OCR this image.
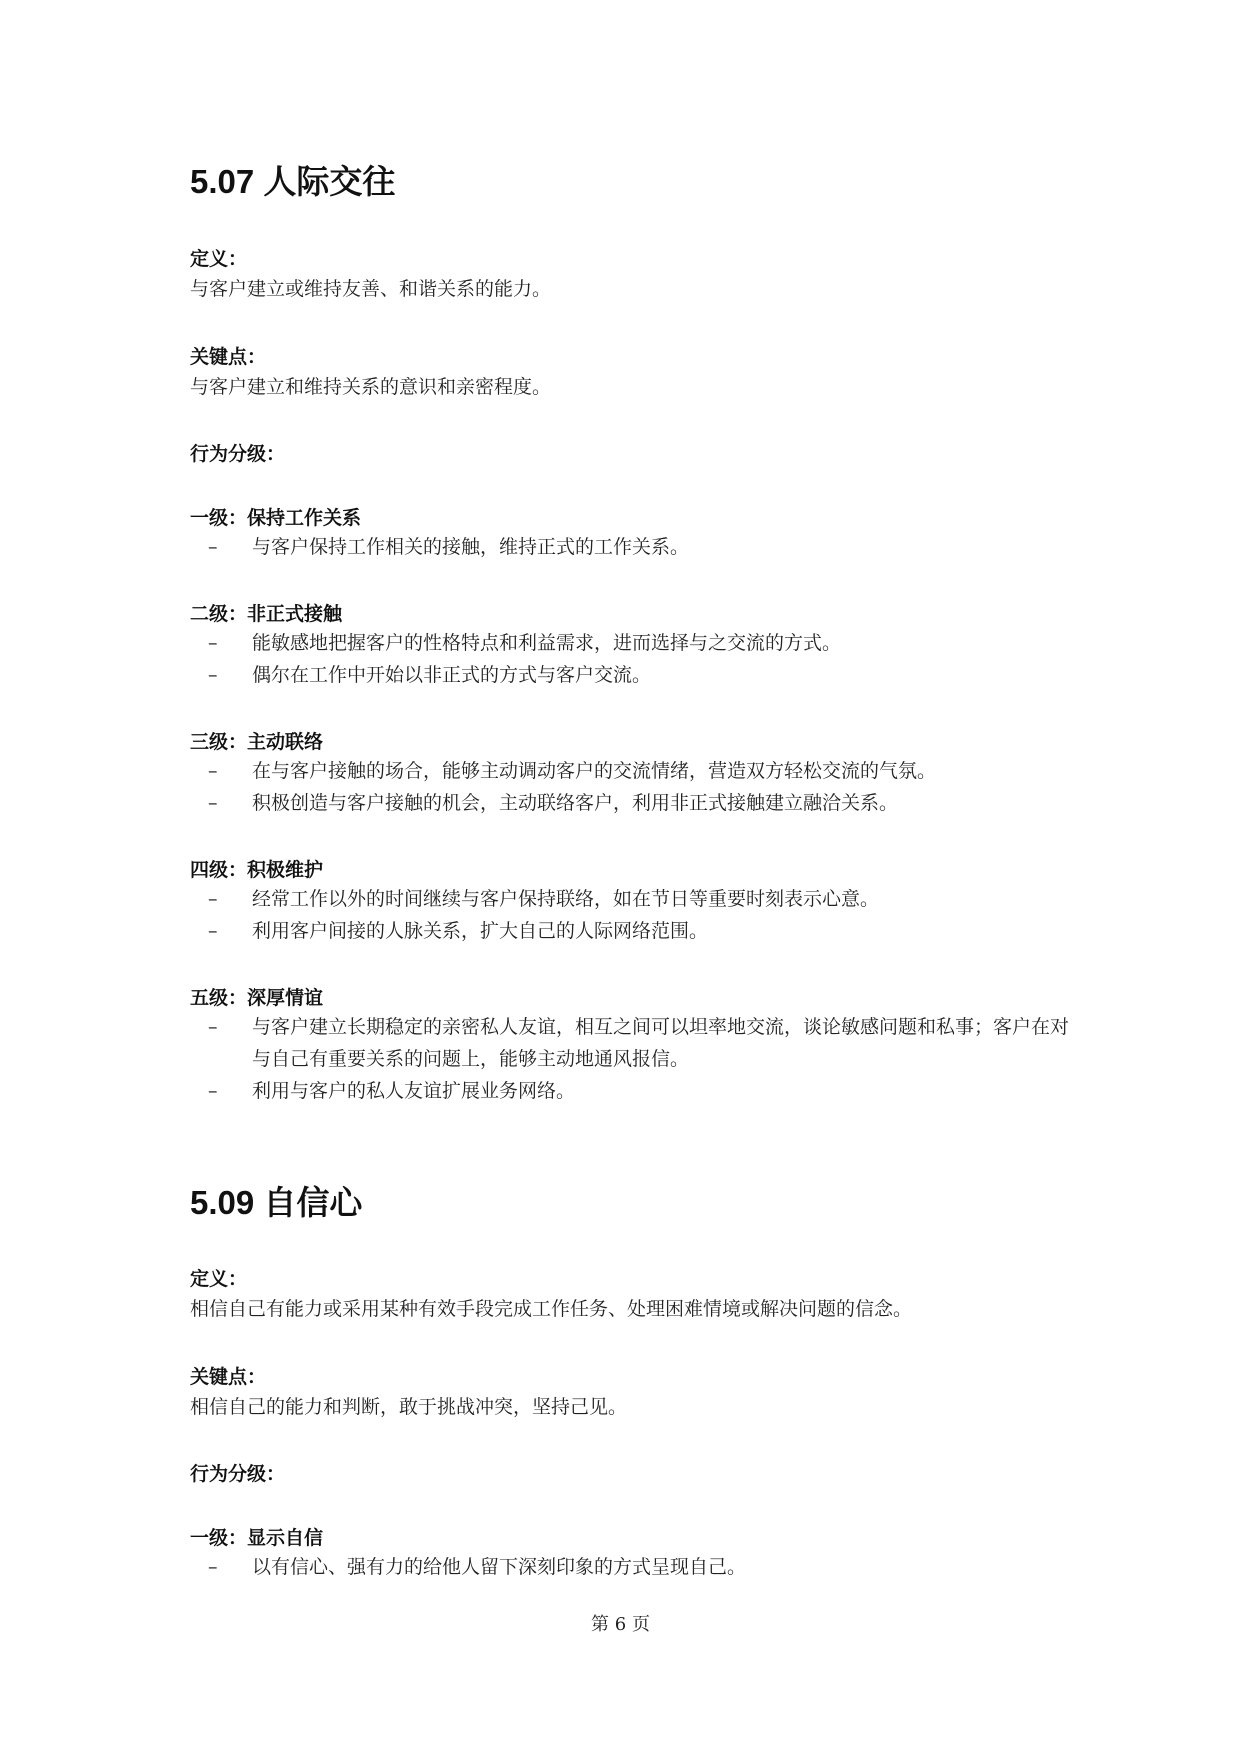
5.07 人际交往
定义：
与客户建立或维持友善、和谐关系的能力。
关键点：
与客户建立和维持关系的意识和亲密程度。
行为分级：
一级：保持工作关系
– 与客户保持工作相关的接触，维持正式的工作关系。
二级：非正式接触
– 能敏感地把握客户的性格特点和利益需求，进而选择与之交流的方式。
– 偶尔在工作中开始以非正式的方式与客户交流。
三级：主动联络
– 在与客户接触的场合，能够主动调动客户的交流情绪，营造双方轻松交流的气氛。
– 积极创造与客户接触的机会，主动联络客户，利用非正式接触建立融洽关系。
四级：积极维护
– 经常工作以外的时间继续与客户保持联络，如在节日等重要时刻表示心意。
– 利用客户间接的人脉关系，扩大自己的人际网络范围。
五级：深厚情谊
– 与客户建立长期稳定的亲密私人友谊，相互之间可以坦率地交流，谈论敏感问题和私事；客户在对与自己有重要关系的问题上，能够主动地通风报信。
– 利用与客户的私人友谊扩展业务网络。
5.09 自信心
定义：
相信自己有能力或采用某种有效手段完成工作任务、处理困难情境或解决问题的信念。
关键点：
相信自己的能力和判断，敢于挑战冲突，坚持己见。
行为分级：
一级：显示自信
– 以有信心、强有力的给他人留下深刻印象的方式呈现自己。
第 6 页
